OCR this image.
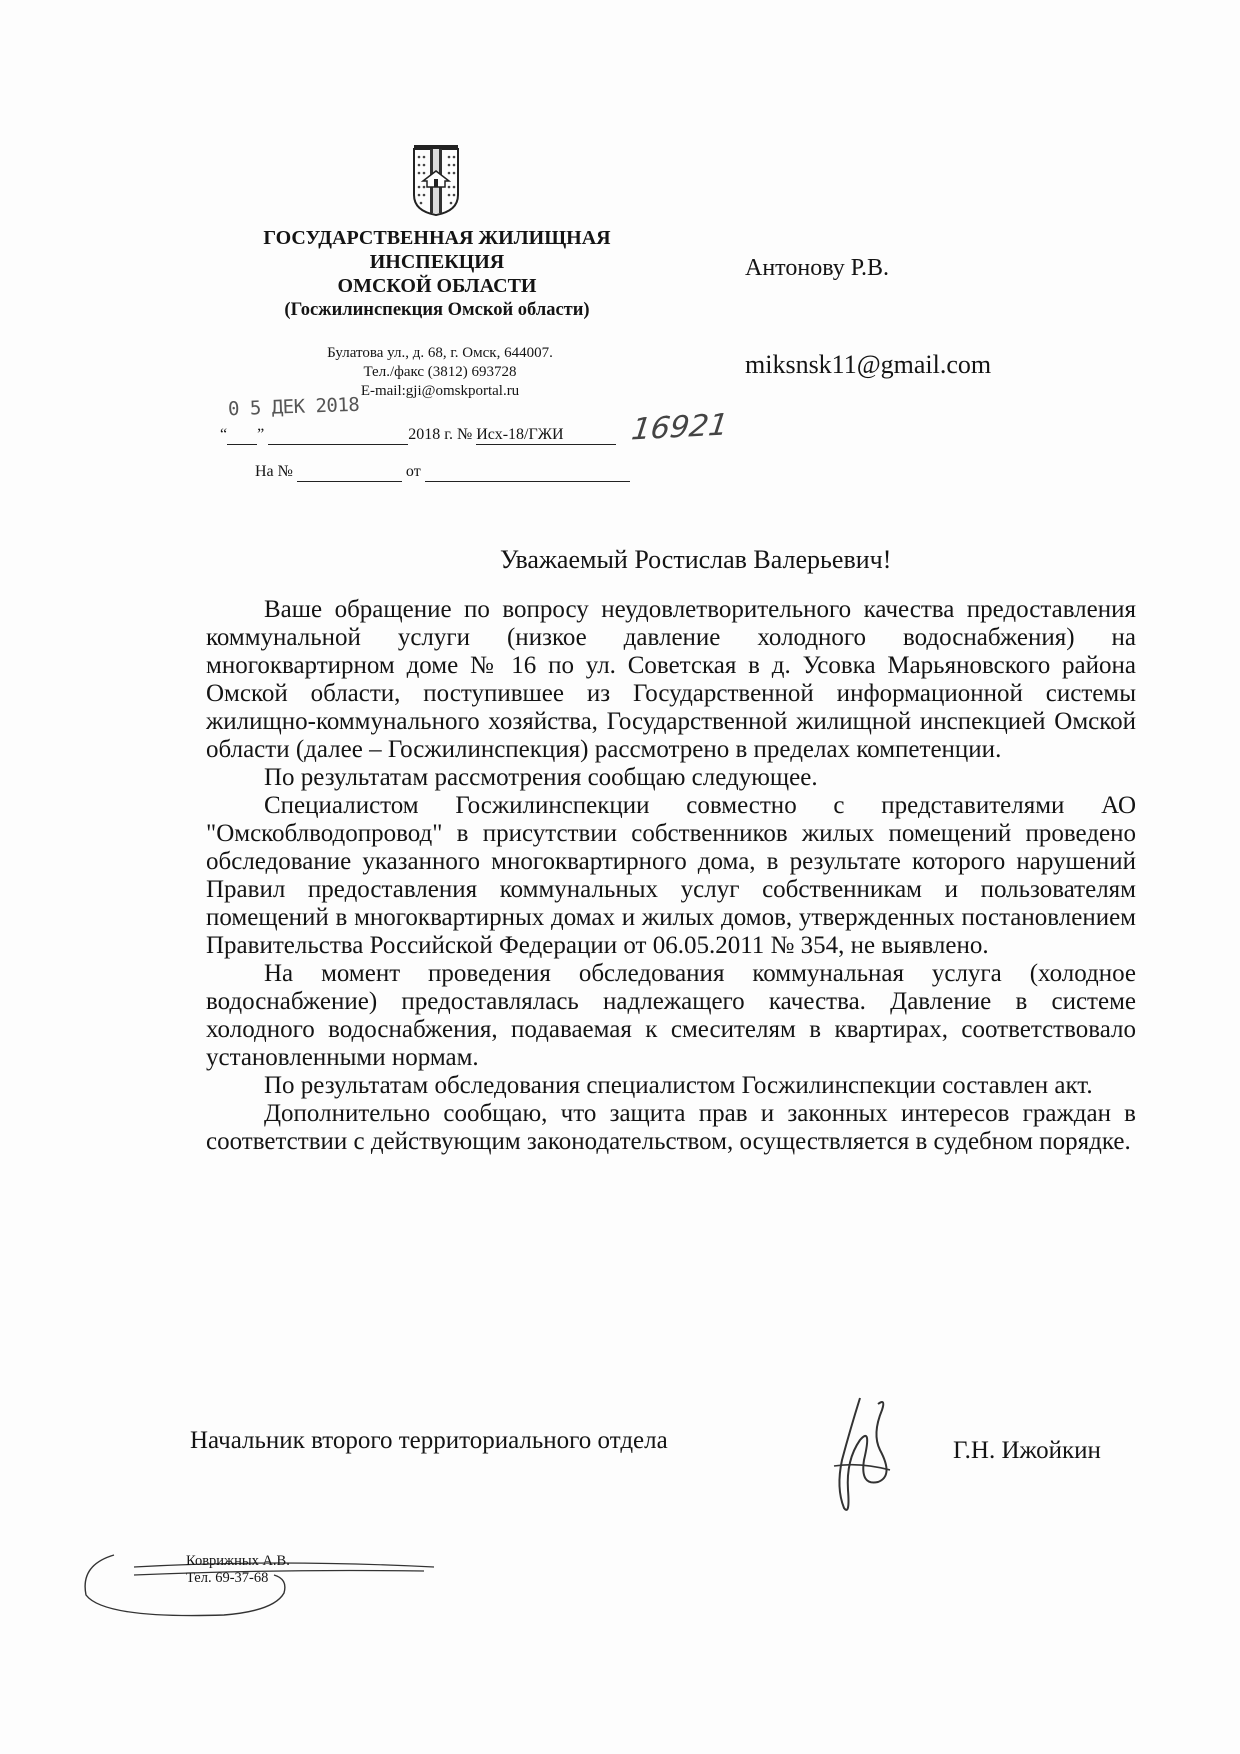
ГОСУДАРСТВЕННАЯ ЖИЛИЩНАЯ
ИНСПЕКЦИЯ
ОМСКОЙ ОБЛАСТИ
(Госжилинспекция Омской области)
Булатова ул., д. 68, г. Омск, 644007.
Тел./факс (3812) 693728
E-mail:gji@omskportal.ru
0 5 ДЕК 2018
“ ”	2018 г. № Исх-18/ГЖИ	16921
На №	от
Антонову Р.В.
miksnsk11@gmail.com
Уважаемый Ростислав Валерьевич!

Ваше обращение по вопросу неудовлетворительного качества предоставления коммунальной услуги (низкое давление холодного водоснабжения) на многоквартирном доме № 16 по ул. Советская в д. Усовка Марьяновского района Омской области, поступившее из Государственной информационной системы жилищно-коммунального хозяйства, Государственной жилищной инспекцией Омской области (далее – Госжилинспекция) рассмотрено в пределах компетенции.

По результатам рассмотрения сообщаю следующее.

Специалистом Госжилинспекции совместно с представителями АО "Омскоблводопровод" в присутствии собственников жилых помещений проведено обследование указанного многоквартирного дома, в результате которого нарушений Правил предоставления коммунальных услуг собственникам и пользователям помещений в многоквартирных домах и жилых домов, утвержденных постановлением Правительства Российской Федерации от 06.05.2011 № 354, не выявлено.

На момент проведения обследования коммунальная услуга (холодное водоснабжение) предоставлялась надлежащего качества. Давление в системе холодного водоснабжения, подаваемая к смесителям в квартирах, соответствовало установленными нормам.

По результатам обследования специалистом Госжилинспекции составлен акт.

Дополнительно сообщаю, что защита прав и законных интересов граждан в соответствии с действующим законодательством, осуществляется в судебном порядке.

Начальник второго территориального отдела	Г.Н. Ижойкин
Коврижных А.В.
Тел. 69-37-68
